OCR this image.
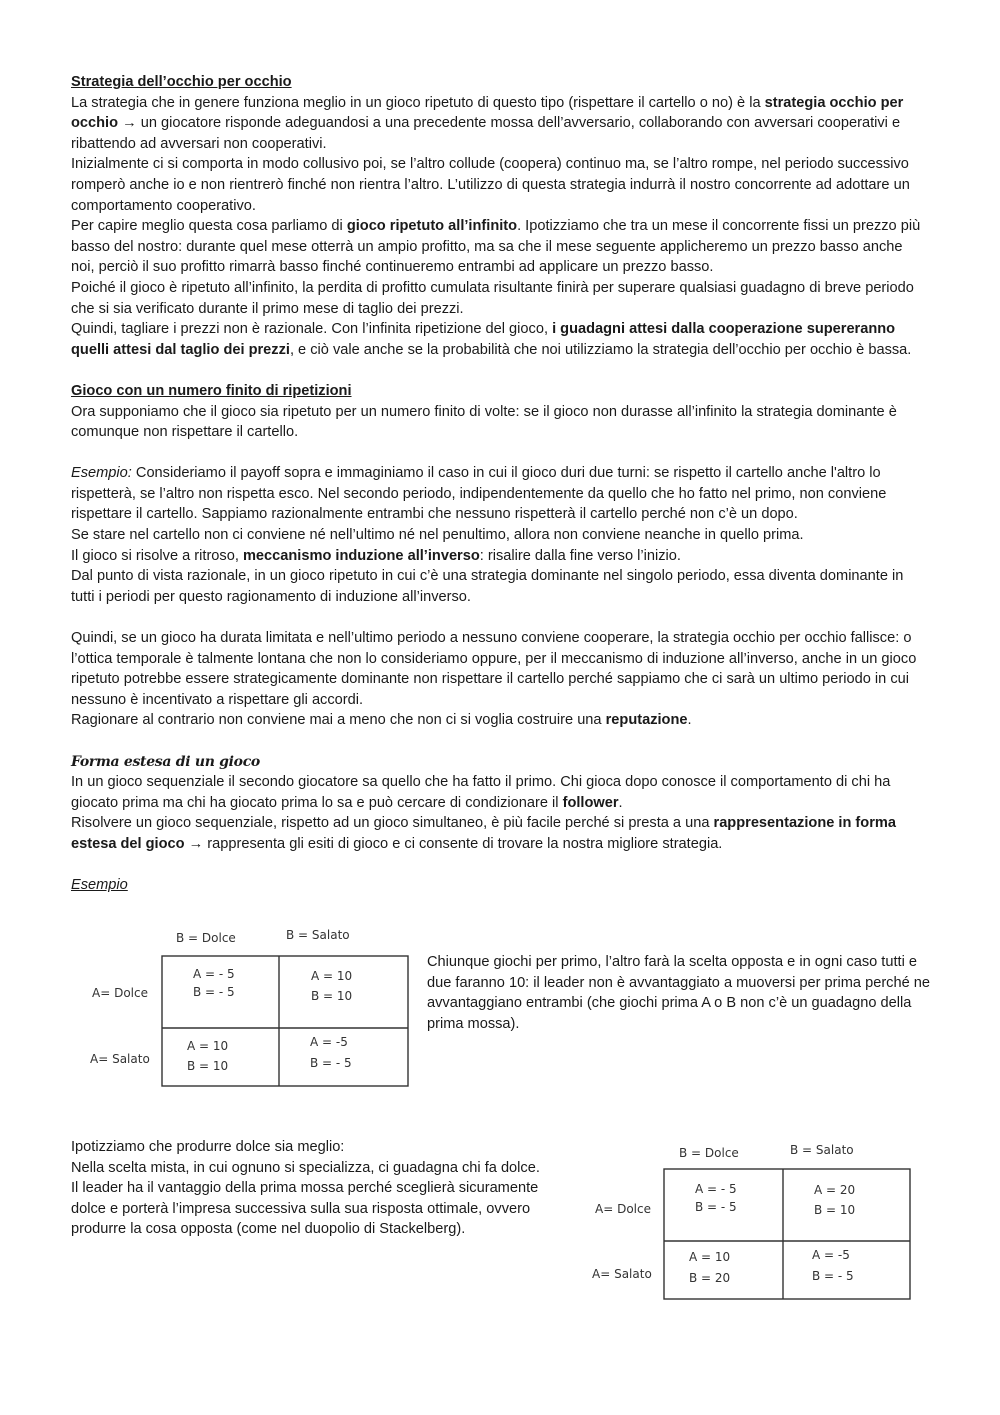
Strategia dell’occhio per occhio

La strategia che in genere funziona meglio in un gioco ripetuto di questo tipo (rispettare il cartello o no) è la strategia occhio per occhio → un giocatore risponde adeguandosi a una precedente mossa dell’avversario, collaborando con avversari cooperativi e ribattendo ad avversari non cooperativi.

Inizialmente ci si comporta in modo collusivo poi, se l’altro collude (coopera) continuo ma, se l’altro rompe, nel periodo successivo romperò anche io e non rientrerò finché non rientra l’altro. L’utilizzo di questa strategia indurrà il nostro concorrente ad adottare un comportamento cooperativo.

Per capire meglio questa cosa parliamo di gioco ripetuto all’infinito. Ipotizziamo che tra un mese il concorrente fissi un prezzo più basso del nostro: durante quel mese otterrà un ampio profitto, ma sa che il mese seguente applicheremo un prezzo basso anche noi, perciò il suo profitto rimarrà basso finché continueremo entrambi ad applicare un prezzo basso.

Poiché il gioco è ripetuto all’infinito, la perdita di profitto cumulata risultante finirà per superare qualsiasi guadagno di breve periodo che si sia verificato durante il primo mese di taglio dei prezzi.

Quindi, tagliare i prezzi non è razionale. Con l’infinita ripetizione del gioco, i guadagni attesi dalla cooperazione supereranno quelli attesi dal taglio dei prezzi, e ciò vale anche se la probabilità che noi utilizziamo la strategia dell’occhio per occhio è bassa.

Gioco con un numero finito di ripetizioni

Ora supponiamo che il gioco sia ripetuto per un numero finito di volte: se il gioco non durasse all’infinito la strategia dominante è comunque non rispettare il cartello.

Esempio: Consideriamo il payoff sopra e immaginiamo il caso in cui il gioco duri due turni: se rispetto il cartello anche l'altro lo rispetterà, se l’altro non rispetta esco. Nel secondo periodo, indipendentemente da quello che ho fatto nel primo, non conviene rispettare il cartello. Sappiamo razionalmente entrambi che nessuno rispetterà il cartello perché non c’è un dopo.

Se stare nel cartello non ci conviene né nell’ultimo né nel penultimo, allora non conviene neanche in quello prima.

Il gioco si risolve a ritroso, meccanismo induzione all’inverso: risalire dalla fine verso l’inizio.

Dal punto di vista razionale, in un gioco ripetuto in cui c’è una strategia dominante nel singolo periodo, essa diventa dominante in tutti i periodi per questo ragionamento di induzione all’inverso.

Quindi, se un gioco ha durata limitata e nell’ultimo periodo a nessuno conviene cooperare, la strategia occhio per occhio fallisce: o l’ottica temporale è talmente lontana che non lo consideriamo oppure, per il meccanismo di induzione all’inverso, anche in un gioco ripetuto potrebbe essere strategicamente dominante non rispettare il cartello perché sappiamo che ci sarà un ultimo periodo in cui nessuno è incentivato a rispettare gli accordi.

Ragionare al contrario non conviene mai a meno che non ci si voglia costruire una reputazione.

Forma estesa di un gioco

In un gioco sequenziale il secondo giocatore sa quello che ha fatto il primo. Chi gioca dopo conosce il comportamento di chi ha giocato prima ma chi ha giocato prima lo sa e può cercare di condizionare il follower.

Risolvere un gioco sequenziale, rispetto ad un gioco simultaneo, è più facile perché si presta a una rappresentazione in forma estesa del gioco → rappresenta gli esiti di gioco e ci consente di trovare la nostra migliore strategia.

Esempio

B = Dolce	B = Salato
A= Dolce
A= Salato
A = - 5
B = - 5
A = 10
B = 10
A = 10
B = 10
A = -5
B = - 5

Chiunque giochi per primo, l’altro farà la scelta opposta e in ogni caso tutti e due faranno 10: il leader non è avvantaggiato a muoversi per prima perché ne avvantaggiano entrambi (che giochi prima A o B non c’è un guadagno della prima mossa).

Ipotizziamo che produrre dolce sia meglio:

Nella scelta mista, in cui ognuno si specializza, ci guadagna chi fa dolce.

Il leader ha il vantaggio della prima mossa perché sceglierà sicuramente dolce e porterà l’impresa successiva sulla sua risposta ottimale, ovvero produrre la cosa opposta (come nel duopolio di Stackelberg).

B = Dolce	B = Salato
A= Dolce
A= Salato
A = - 5
B = - 5
A = 20
B = 10
A = 10
B = 20
A = -5
B = - 5
